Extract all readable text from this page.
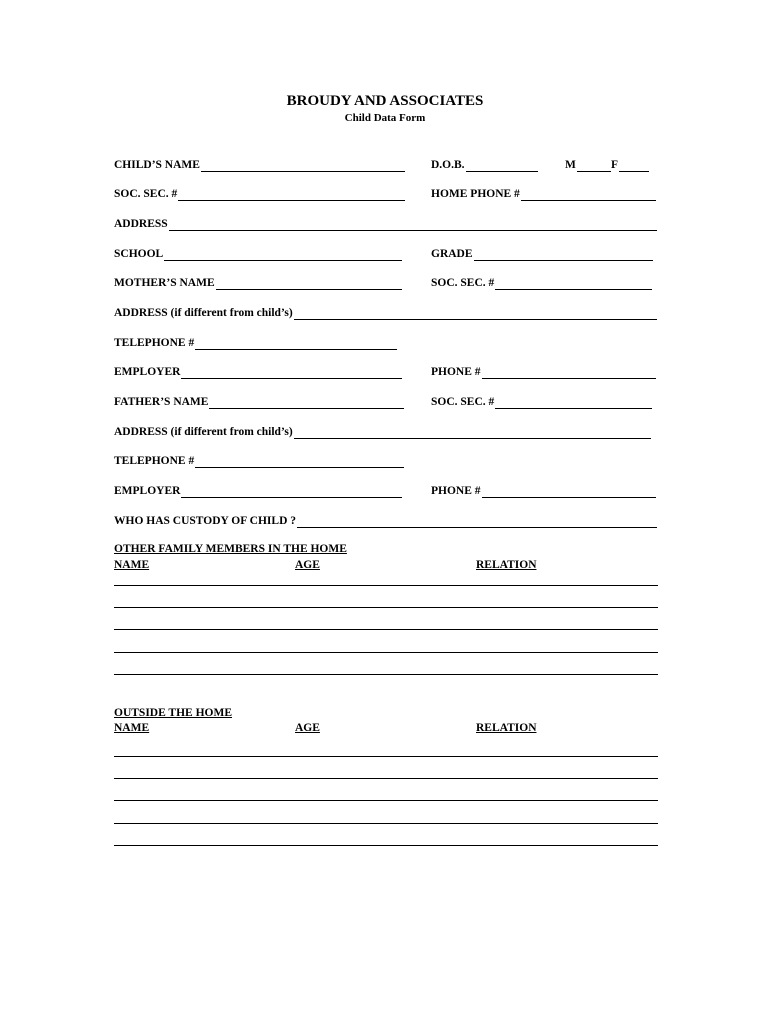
BROUDY AND ASSOCIATES
Child Data Form
CHILD’S NAME	D.O.B.	M	F
SOC. SEC. #	HOME PHONE #
ADDRESS
SCHOOL	GRADE
MOTHER’S NAME	SOC. SEC. #
ADDRESS (if different from child’s)
TELEPHONE #
EMPLOYER	PHONE #
FATHER’S NAME	SOC. SEC. #
ADDRESS (if different from child’s)
TELEPHONE #
EMPLOYER	PHONE #
WHO HAS CUSTODY OF CHILD ?
OTHER FAMILY MEMBERS IN THE HOME
NAME	AGE	RELATION
OUTSIDE THE HOME
NAME	AGE	RELATION
